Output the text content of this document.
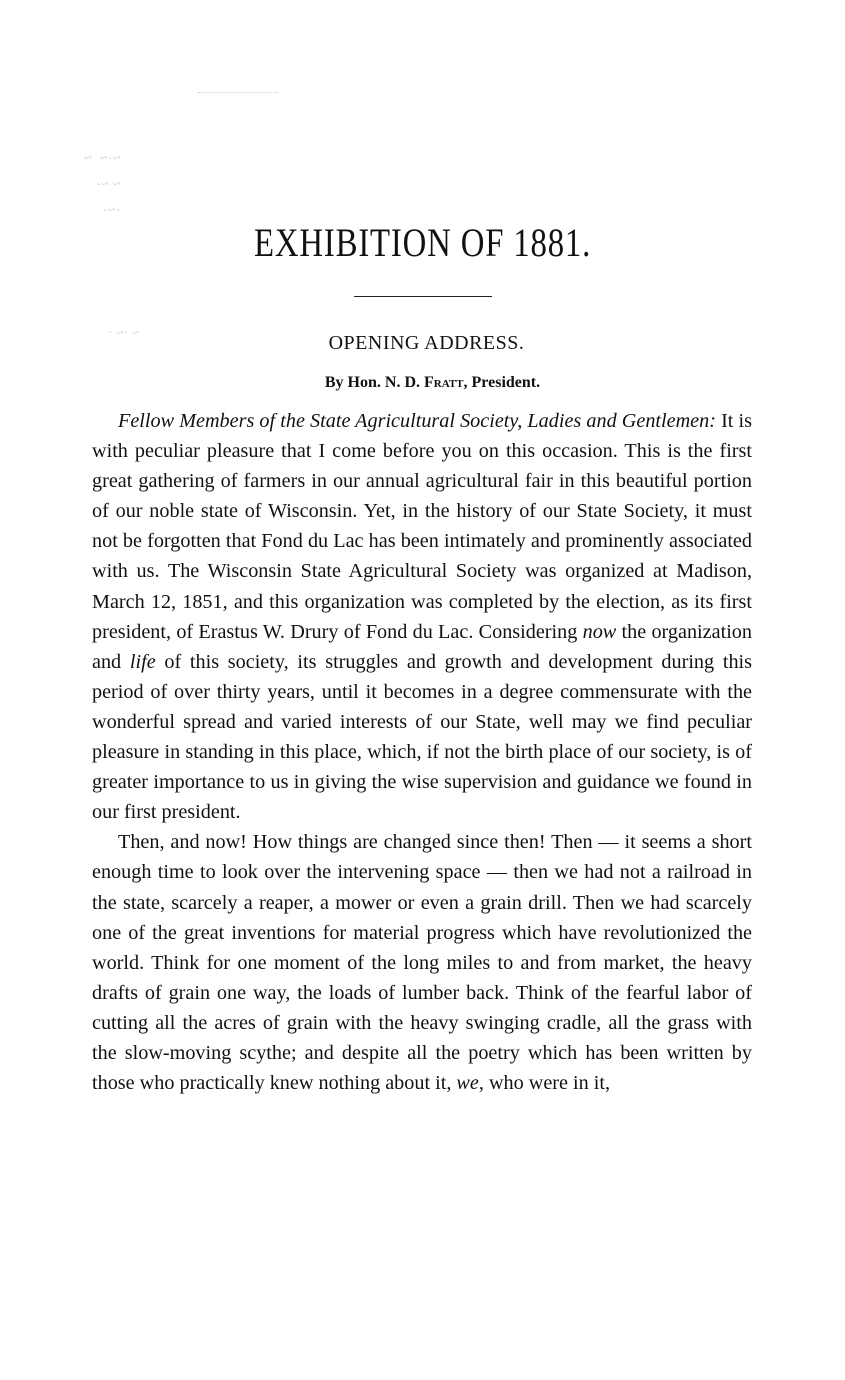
~·~  ~
~ ~·
·~·
~ ·~ ·
EXHIBITION OF 1881.
OPENING ADDRESS.
By Hon. N. D. Fratt, President.

Fellow Members of the State Agricultural Society, Ladies and Gentlemen: It is with peculiar pleasure that I come before you on this occasion. This is the first great gathering of farmers in our annual agricultural fair in this beautiful portion of our noble state of Wisconsin. Yet, in the history of our State Society, it must not be forgotten that Fond du Lac has been intimately and prominently associated with us. The Wisconsin State Agricultural Society was organized at Madison, March 12, 1851, and this organization was completed by the election, as its first president, of Erastus W. Drury of Fond du Lac. Considering now the organization and life of this society, its struggles and growth and development during this period of over thirty years, until it becomes in a degree commensurate with the wonderful spread and varied interests of our State, well may we find peculiar pleasure in standing in this place, which, if not the birth place of our society, is of greater importance to us in giving the wise supervision and guidance we found in our first president.

Then, and now! How things are changed since then! Then — it seems a short enough time to look over the intervening space — then we had not a railroad in the state, scarcely a reaper, a mower or even a grain drill. Then we had scarcely one of the great inventions for material progress which have revolutionized the world. Think for one moment of the long miles to and from market, the heavy drafts of grain one way, the loads of lumber back. Think of the fearful labor of cutting all the acres of grain with the heavy swinging cradle, all the grass with the slow-moving scythe; and despite all the poetry which has been written by those who practically knew nothing about it, we, who were in it,
